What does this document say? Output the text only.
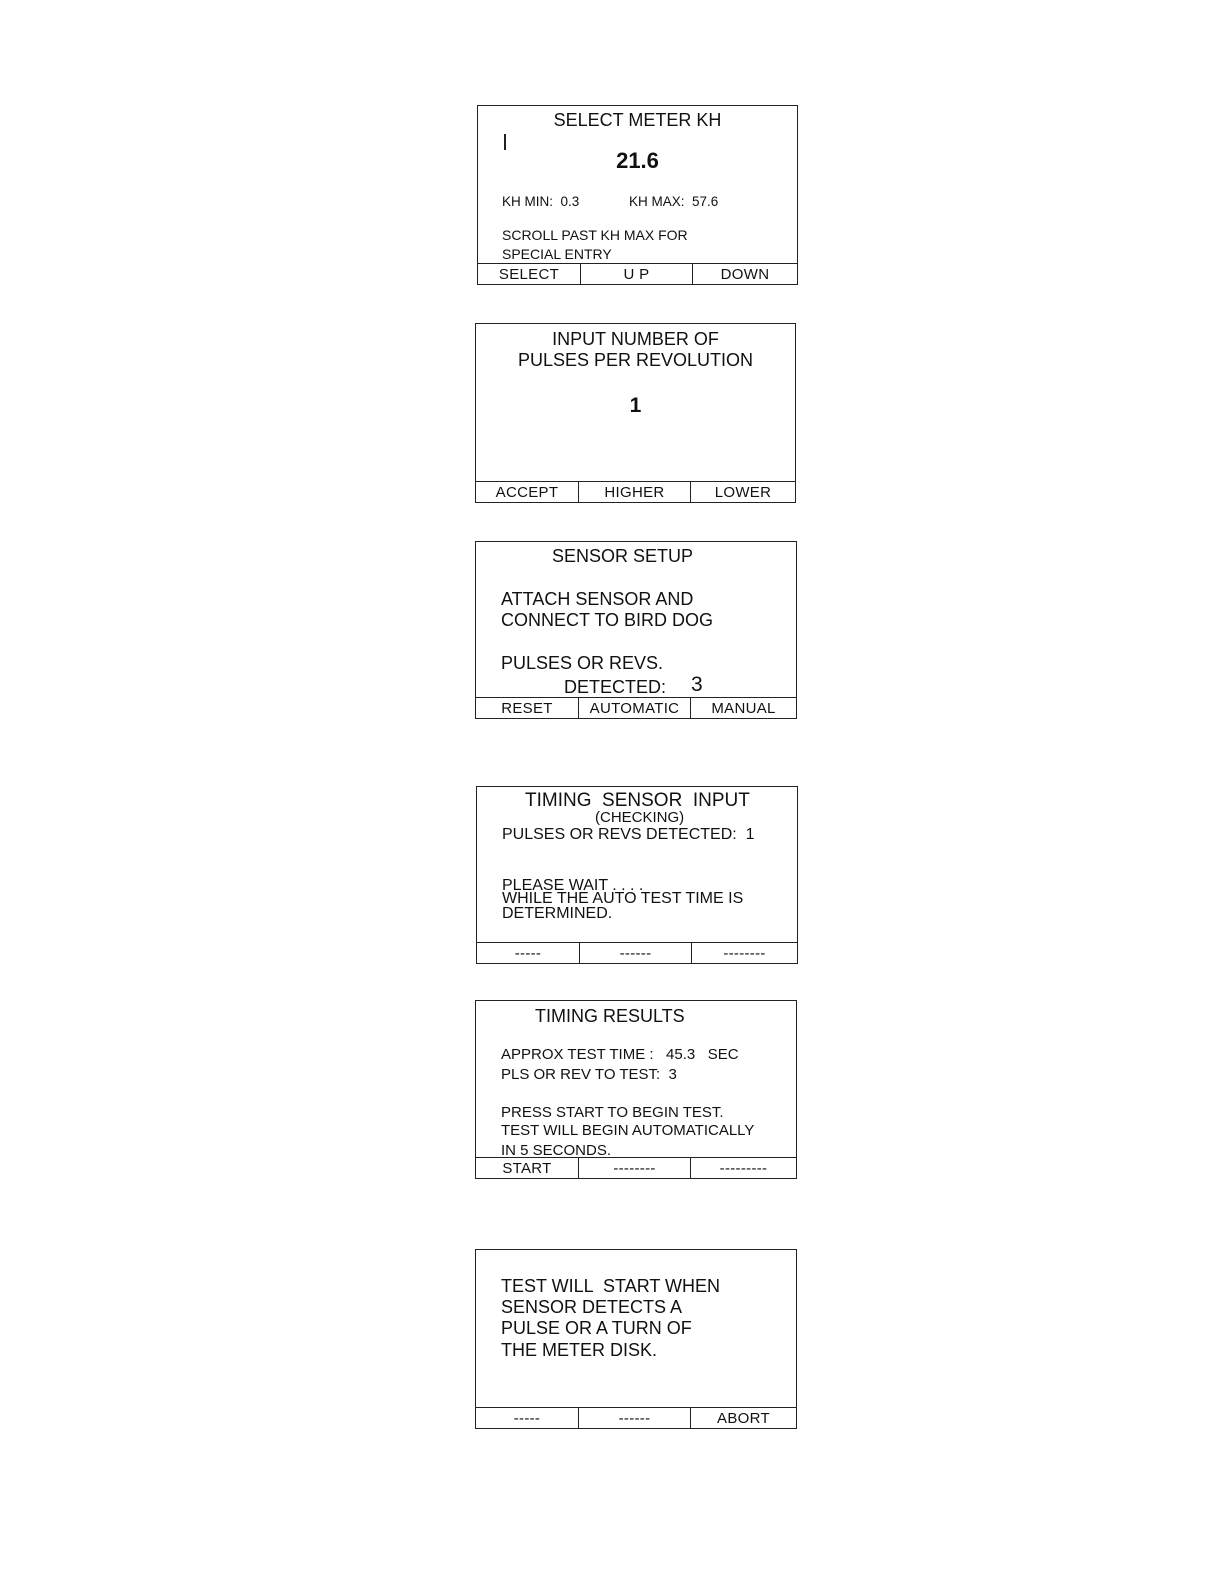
SELECT METER KH
21.6
KH MIN:  0.3	KH MAX:  57.6
SCROLL PAST KH MAX FOR
SPECIAL ENTRY
SELECT	U P	DOWN
INPUT NUMBER OF
PULSES PER REVOLUTION
1
ACCEPT	HIGHER	LOWER
SENSOR SETUP
ATTACH SENSOR AND
CONNECT TO BIRD DOG
PULSES OR REVS.
DETECTED: 3
RESET	AUTOMATIC	MANUAL
TIMING  SENSOR  INPUT
(CHECKING)
PULSES OR REVS DETECTED:  1
PLEASE WAIT . . . .
WHILE THE AUTO TEST TIME IS
DETERMINED.
-----	------	--------
TIMING RESULTS
APPROX TEST TIME :   45.3   SEC
PLS OR REV TO TEST:  3
PRESS START TO BEGIN TEST.
TEST WILL BEGIN AUTOMATICALLY
IN 5 SECONDS.
START	--------	---------
TEST WILL  START WHEN
SENSOR DETECTS A
PULSE OR A TURN OF
THE METER DISK.
-----	------	ABORT
